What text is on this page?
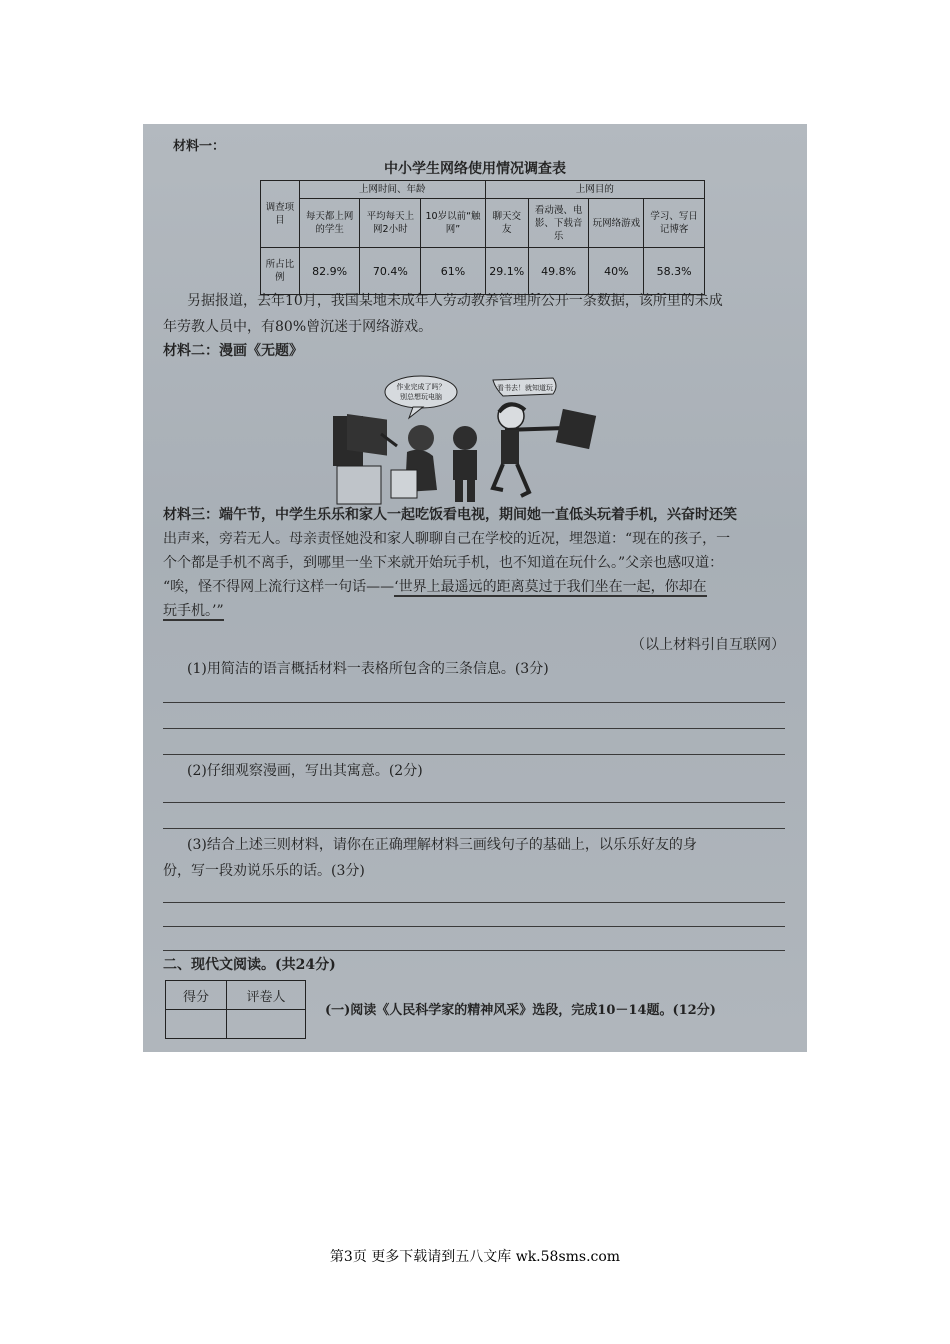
材料一：
中小学生网络使用情况调查表
调查项目	上网时间、年龄			上网目的			
	每天都上网的学生	平均每天上网2小时	10岁以前“触网”	聊天交友	看动漫、电影、下载音乐	玩网络游戏	学习、写日记博客
所占比例	82.9%	70.4%	61%	29.1%	49.8%	40%	58.3%
另据报道，去年10月，我国某地未成年人劳动教养管理所公开一条数据，该所里的未成
年劳教人员中，有80%曾沉迷于网络游戏。
材料二：漫画《无题》
作业完成了吗？
别总想玩电脑
看书去！就知道玩
材料三：端午节，中学生乐乐和家人一起吃饭看电视，期间她一直低头玩着手机，兴奋时还笑
出声来，旁若无人。母亲责怪她没和家人聊聊自己在学校的近况，埋怨道：“现在的孩子，一
个个都是手机不离手，到哪里一坐下来就开始玩手机，也不知道在玩什么。”父亲也感叹道：
“唉，怪不得网上流行这样一句话——‘世界上最遥远的距离莫过于我们坐在一起，你却在
玩手机。’”
（以上材料引自互联网）
(1)用简洁的语言概括材料一表格所包含的三条信息。(3分)
(2)仔细观察漫画，写出其寓意。(2分)
(3)结合上述三则材料，请你在正确理解材料三画线句子的基础上，以乐乐好友的身
份，写一段劝说乐乐的话。(3分)
二、现代文阅读。(共24分)
得分	评卷人

(一)阅读《人民科学家的精神风采》选段，完成10－14题。(12分)
第3页 更多下载请到五八文库 wk.58sms.com
